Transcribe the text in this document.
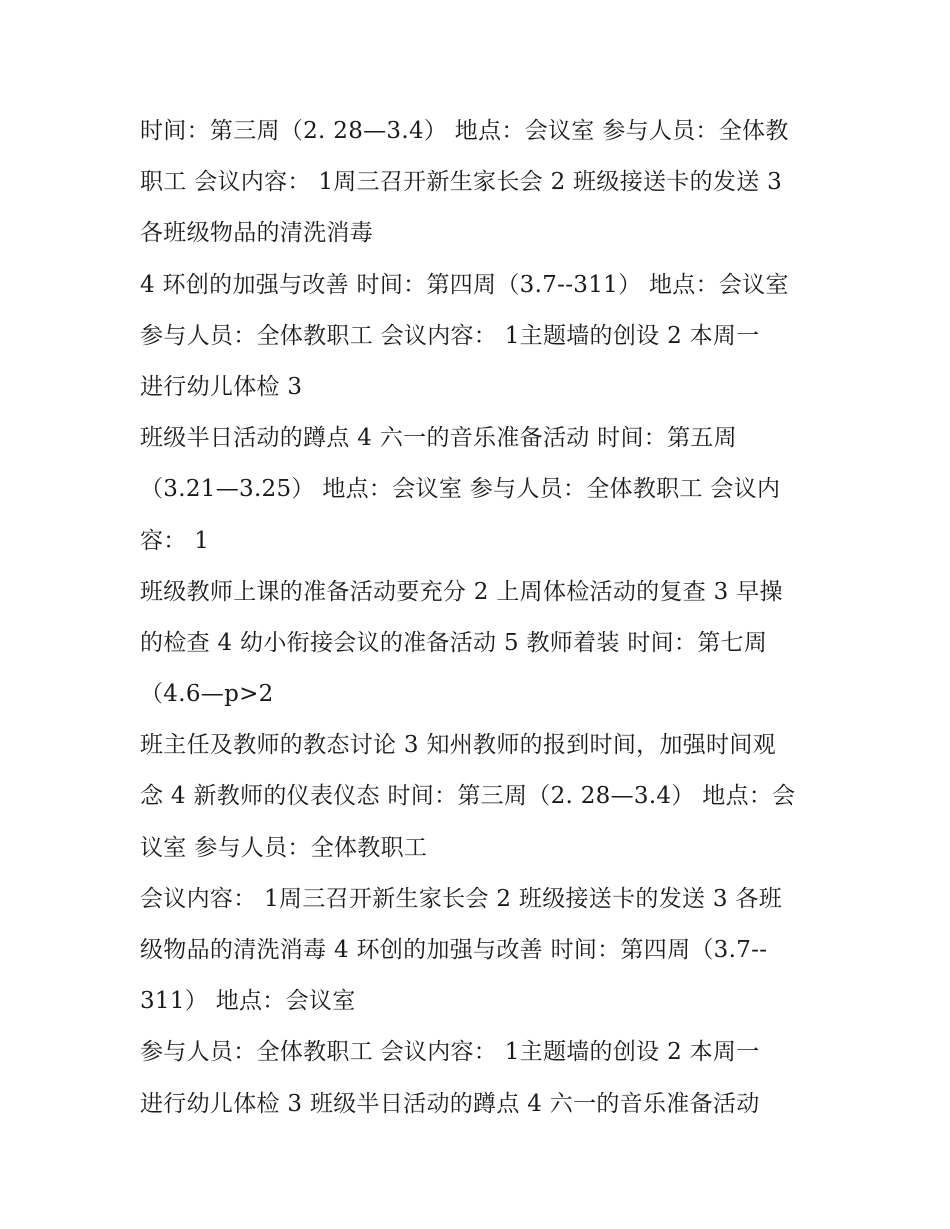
时间：第三周（2. 28—3.4） 地点：会议室 参与人员：全体教
职工 会议内容： 1周三召开新生家长会 2 班级接送卡的发送 3
各班级物品的清洗消毒
4 环创的加强与改善 时间：第四周（3.7--311） 地点：会议室
参与人员：全体教职工 会议内容： 1主题墙的创设 2 本周一
进行幼儿体检 3
班级半日活动的蹲点 4 六一的音乐准备活动 时间：第五周
（3.21—3.25） 地点：会议室 参与人员：全体教职工 会议内
容： 1
班级教师上课的准备活动要充分 2 上周体检活动的复查 3 早操
的检查 4 幼小衔接会议的准备活动 5 教师着装 时间：第七周
（4.6—p>2
班主任及教师的教态讨论 3 知州教师的报到时间，加强时间观
念 4 新教师的仪表仪态 时间：第三周（2. 28—3.4） 地点：会
议室 参与人员：全体教职工
会议内容： 1周三召开新生家长会 2 班级接送卡的发送 3 各班
级物品的清洗消毒 4 环创的加强与改善 时间：第四周（3.7--
311） 地点：会议室
参与人员：全体教职工 会议内容： 1主题墙的创设 2 本周一
进行幼儿体检 3 班级半日活动的蹲点 4 六一的音乐准备活动
